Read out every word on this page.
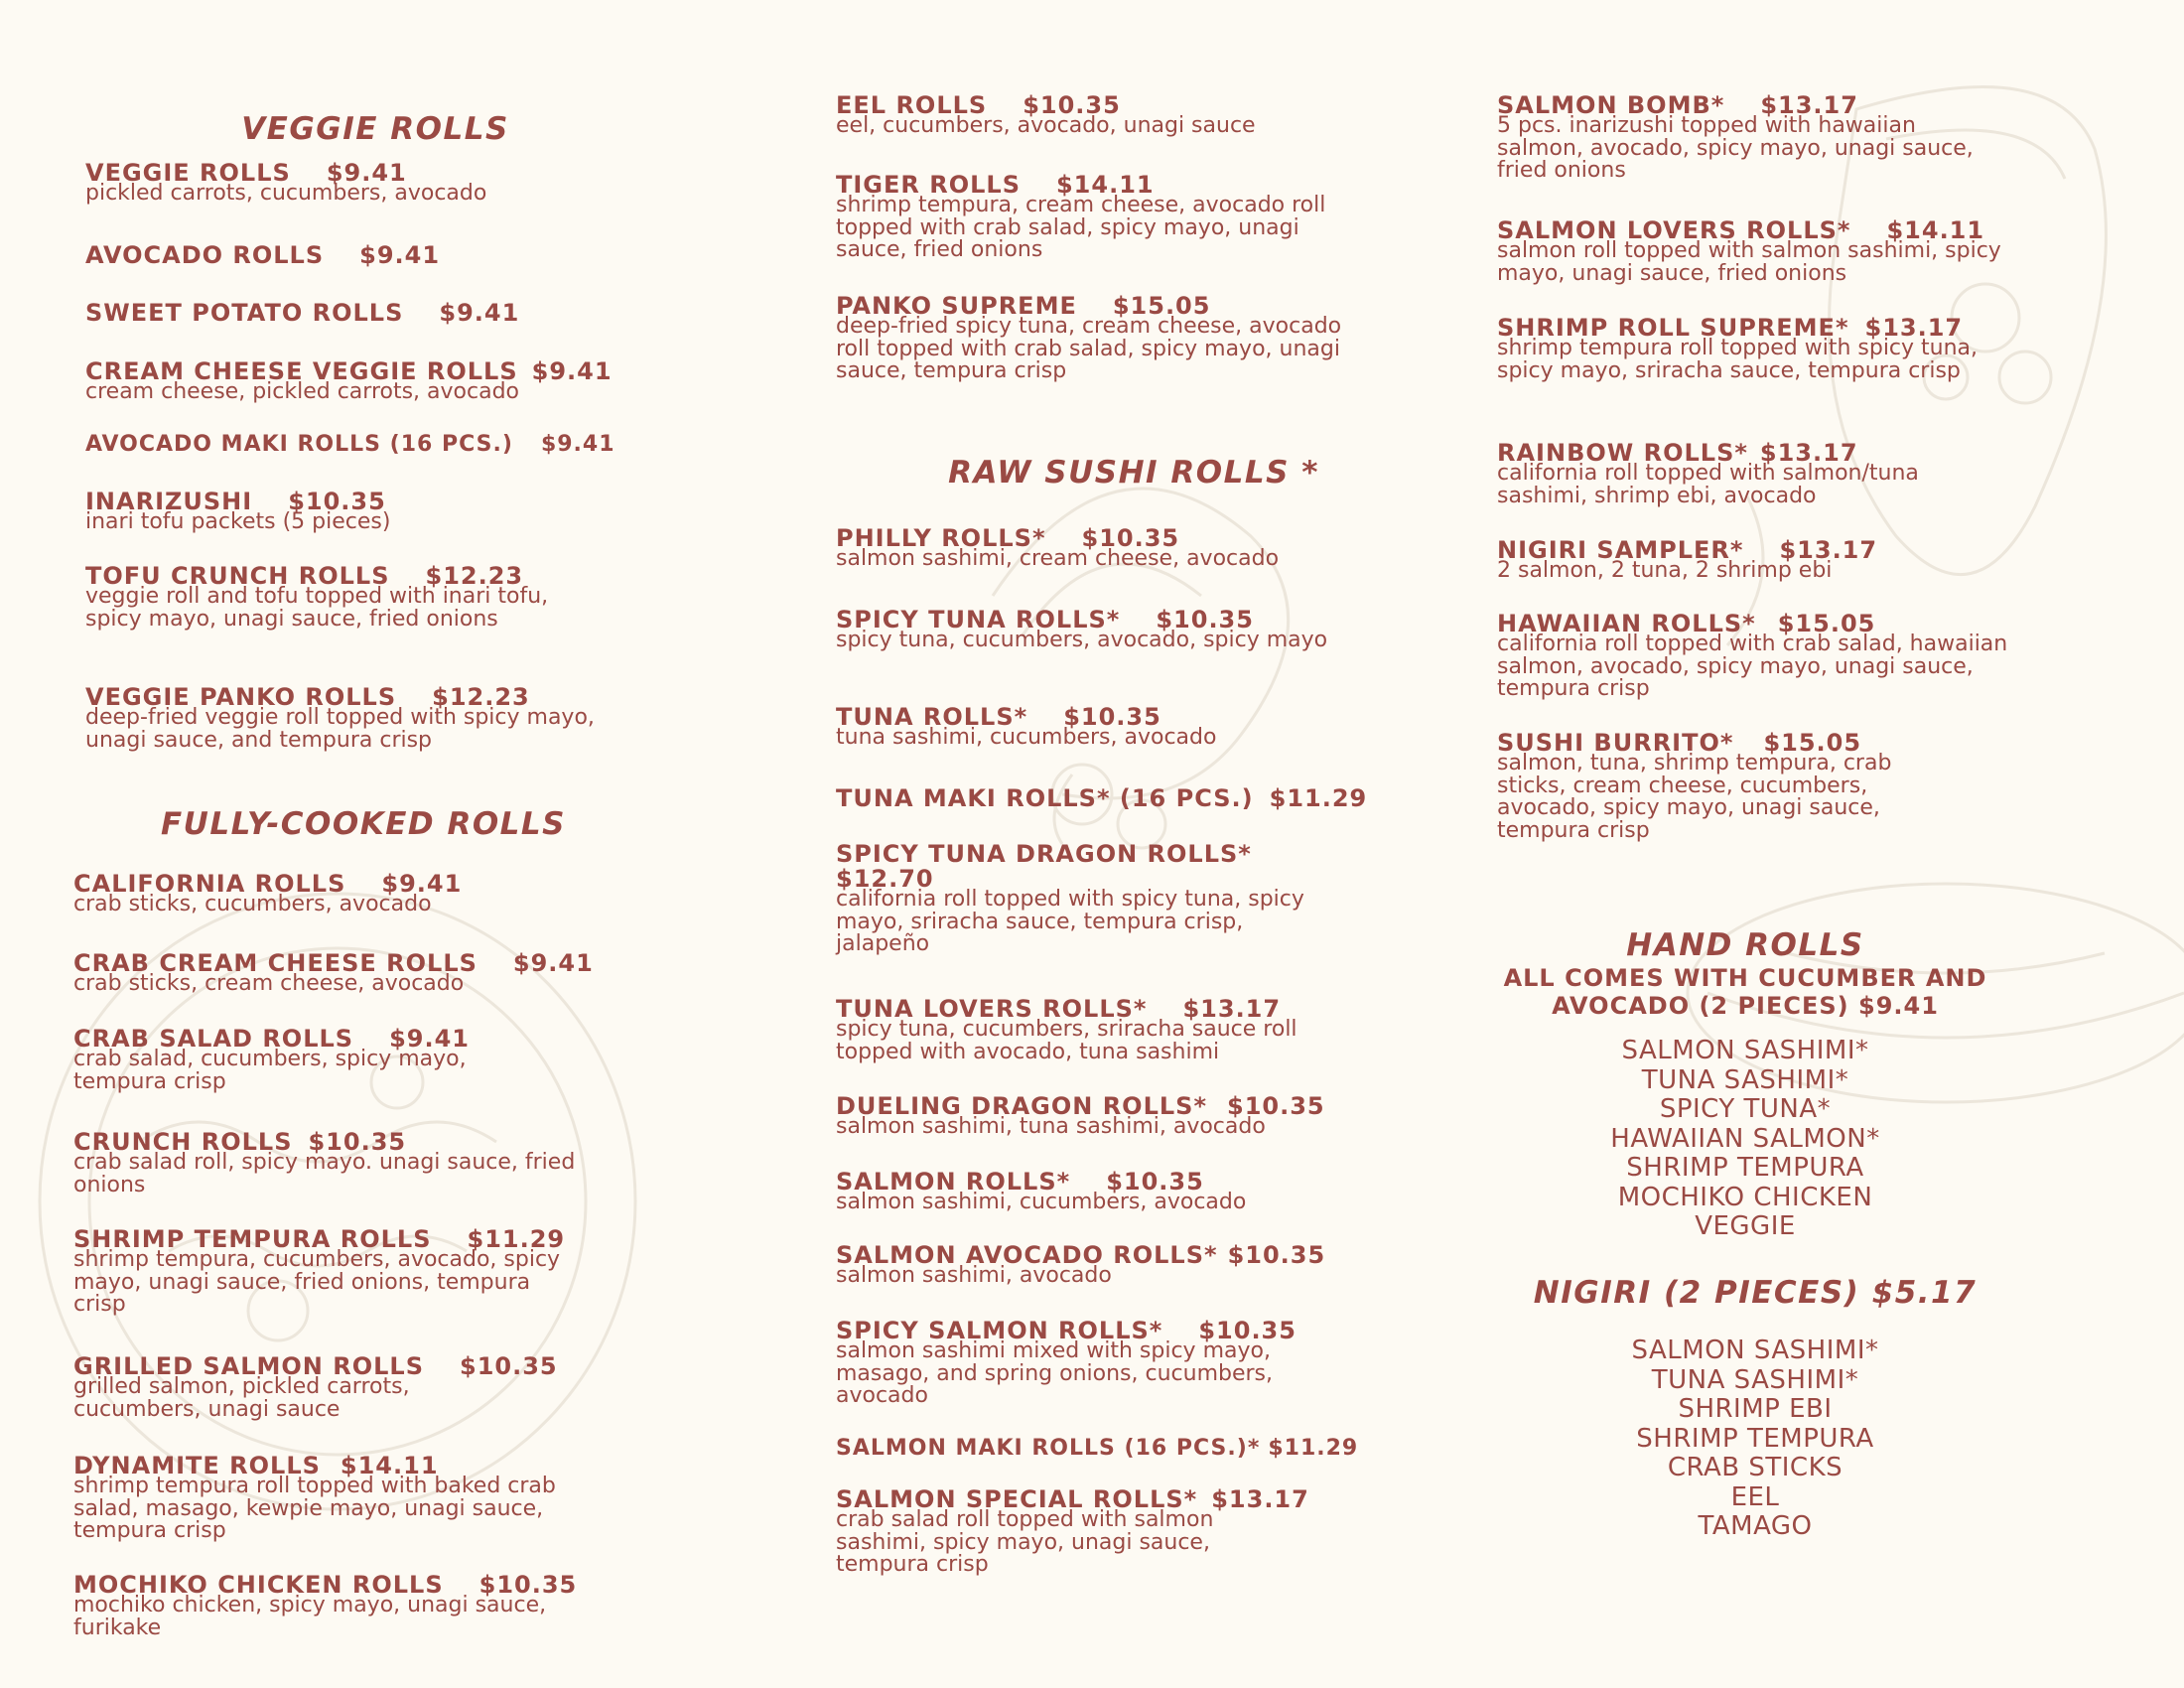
VEGGIE ROLLS
VEGGIE ROLLS $9.41
pickled carrots, cucumbers, avocado
AVOCADO ROLLS $9.41
SWEET POTATO ROLLS $9.41
CREAM CHEESE VEGGIE ROLLS $9.41
cream cheese, pickled carrots, avocado
AVOCADO MAKI ROLLS (16 PCS.) $9.41
INARIZUSHI $10.35
inari tofu packets (5 pieces)
TOFU CRUNCH ROLLS $12.23
veggie roll and tofu topped with inari tofu, spicy mayo, unagi sauce, fried onions
VEGGIE PANKO ROLLS $12.23
deep-fried veggie roll topped with spicy mayo, unagi sauce, and tempura crisp
FULLY-COOKED ROLLS
CALIFORNIA ROLLS $9.41
crab sticks, cucumbers, avocado
CRAB CREAM CHEESE ROLLS $9.41
crab sticks, cream cheese, avocado
CRAB SALAD ROLLS $9.41
crab salad, cucumbers, spicy mayo, tempura crisp
CRUNCH ROLLS $10.35
crab salad roll, spicy mayo. unagi sauce, fried onions
SHRIMP TEMPURA ROLLS $11.29
shrimp tempura, cucumbers, avocado, spicy mayo, unagi sauce, fried onions, tempura crisp
GRILLED SALMON ROLLS $10.35
grilled salmon, pickled carrots, cucumbers, unagi sauce
DYNAMITE ROLLS $14.11
shrimp tempura roll topped with baked crab salad, masago, kewpie mayo, unagi sauce, tempura crisp
MOCHIKO CHICKEN ROLLS $10.35
mochiko chicken, spicy mayo, unagi sauce, furikake
EEL ROLLS $10.35
eel, cucumbers, avocado, unagi sauce
TIGER ROLLS $14.11
shrimp tempura, cream cheese, avocado roll topped with crab salad, spicy mayo, unagi sauce, fried onions
PANKO SUPREME $15.05
deep-fried spicy tuna, cream cheese, avocado roll topped with crab salad, spicy mayo, unagi sauce, tempura crisp
RAW SUSHI ROLLS *
PHILLY ROLLS* $10.35
salmon sashimi, cream cheese, avocado
SPICY TUNA ROLLS* $10.35
spicy tuna, cucumbers, avocado, spicy mayo
TUNA ROLLS* $10.35
tuna sashimi, cucumbers, avocado
TUNA MAKI ROLLS* (16 PCS.) $11.29
SPICY TUNA DRAGON ROLLS*
$12.70
california roll topped with spicy tuna, spicy mayo, sriracha sauce, tempura crisp, jalapeño
TUNA LOVERS ROLLS* $13.17
spicy tuna, cucumbers, sriracha sauce roll topped with avocado, tuna sashimi
DUELING DRAGON ROLLS* $10.35
salmon sashimi, tuna sashimi, avocado
SALMON ROLLS* $10.35
salmon sashimi, cucumbers, avocado
SALMON AVOCADO ROLLS* $10.35
salmon sashimi, avocado
SPICY SALMON ROLLS* $10.35
salmon sashimi mixed with spicy mayo, masago, and spring onions, cucumbers, avocado
SALMON MAKI ROLLS (16 PCS.)* $11.29
SALMON SPECIAL ROLLS* $13.17
crab salad roll topped with salmon sashimi, spicy mayo, unagi sauce, tempura crisp
SALMON BOMB* $13.17
5 pcs. inarizushi topped with hawaiian salmon, avocado, spicy mayo, unagi sauce, fried onions
SALMON LOVERS ROLLS* $14.11
salmon roll topped with salmon sashimi, spicy mayo, unagi sauce, fried onions
SHRIMP ROLL SUPREME* $13.17
shrimp tempura roll topped with spicy tuna, spicy mayo, sriracha sauce, tempura crisp
RAINBOW ROLLS* $13.17
california roll topped with salmon/tuna sashimi, shrimp ebi, avocado
NIGIRI SAMPLER* $13.17
2 salmon, 2 tuna, 2 shrimp ebi
HAWAIIAN ROLLS* $15.05
california roll topped with crab salad, hawaiian salmon, avocado, spicy mayo, unagi sauce, tempura crisp
SUSHI BURRITO* $15.05
salmon, tuna, shrimp tempura, crab sticks, cream cheese, cucumbers, avocado, spicy mayo, unagi sauce, tempura crisp
HAND ROLLS
ALL COMES WITH CUCUMBER AND
AVOCADO (2 PIECES) $9.41
SALMON SASHIMI*
TUNA SASHIMI*
SPICY TUNA*
HAWAIIAN SALMON*
SHRIMP TEMPURA
MOCHIKO CHICKEN
VEGGIE
NIGIRI (2 PIECES) $5.17
SALMON SASHIMI*
TUNA SASHIMI*
SHRIMP EBI
SHRIMP TEMPURA
CRAB STICKS
EEL
TAMAGO
